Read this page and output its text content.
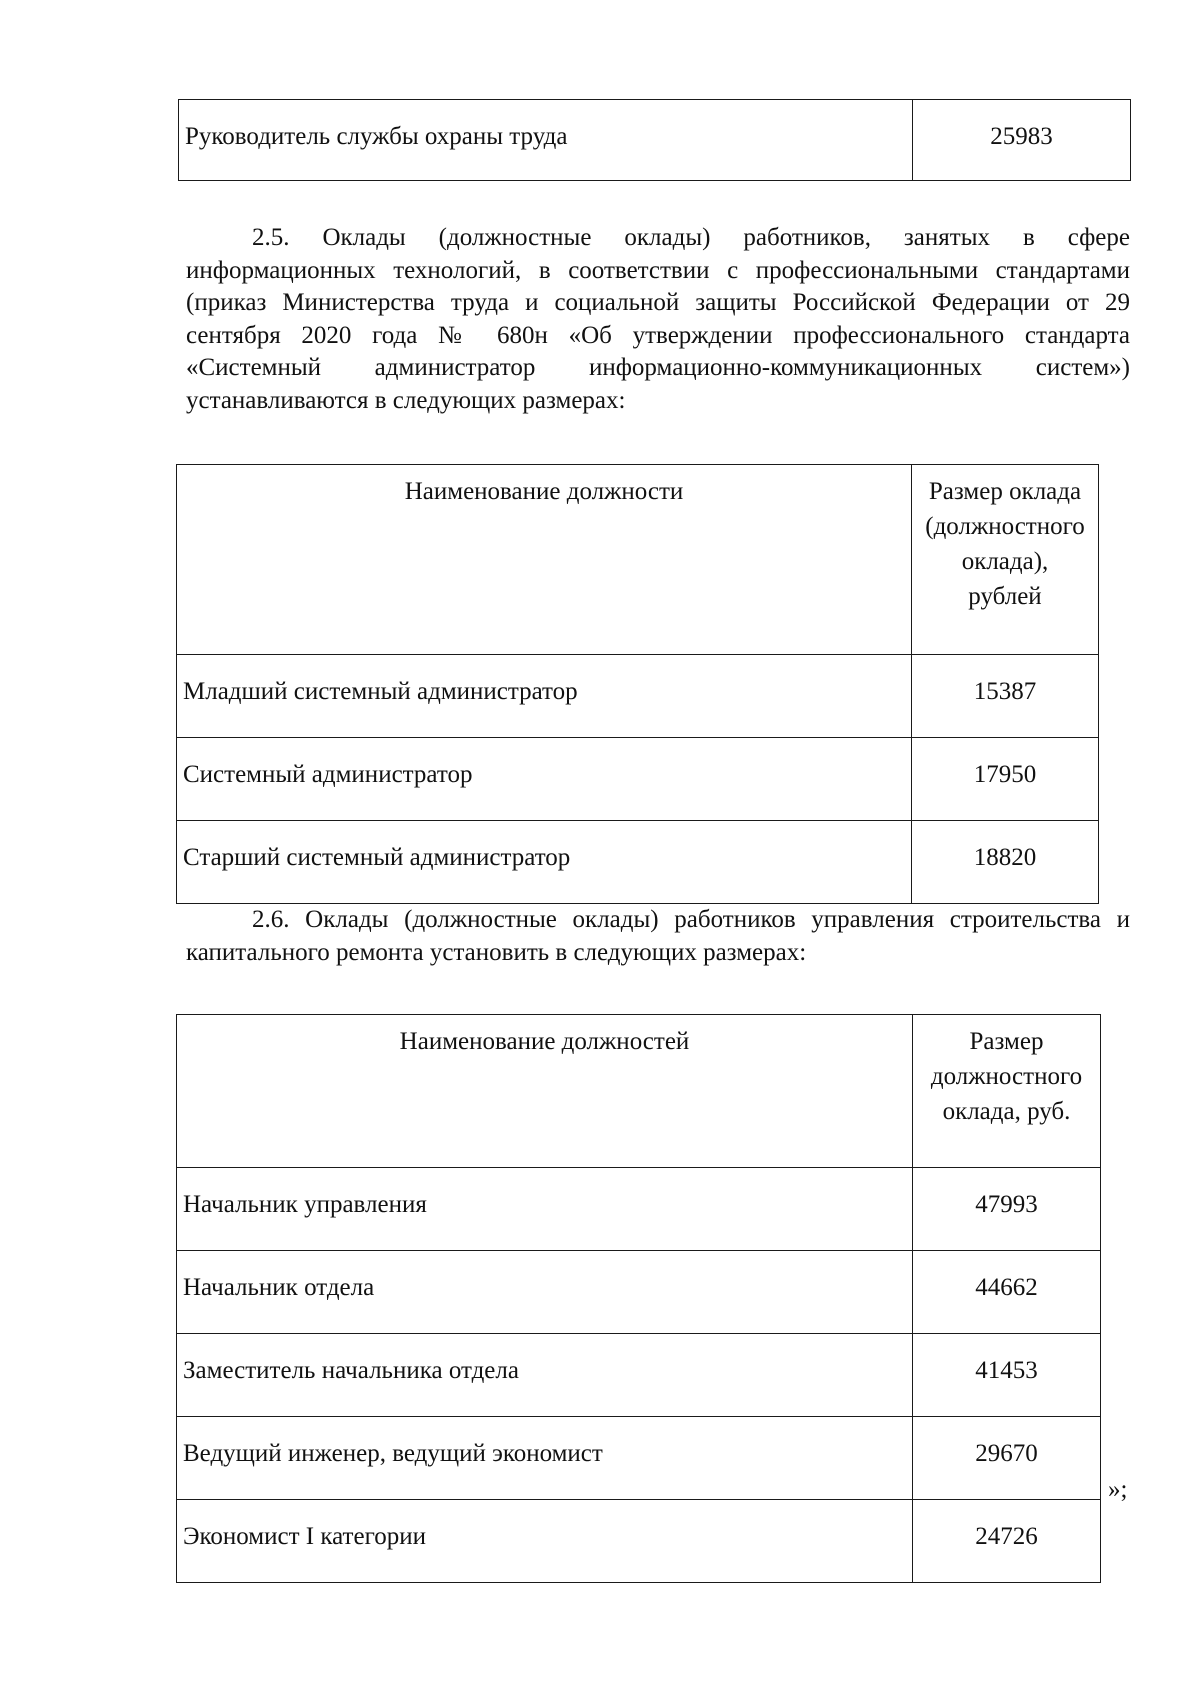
Руководитель службы охраны труда	25983

2.5. Оклады (должностные оклады) работников, занятых в сфере информационных технологий, в соответствии с профессиональными стандартами (приказ Министерства труда и социальной защиты Российской Федерации от 29 сентября 2020 года № 680н «Об утверждении профессионального стандарта «Системный администратор информационно-коммуникационных систем») устанавливаются в следующих размерах:

Наименование должности	Размер оклада
(должностного
оклада),
рублей

Младший системный администратор	15387
Системный администратор	17950
Старший системный администратор	18820

2.6. Оклады (должностные оклады) работников управления строительства и капитального ремонта установить в следующих размерах:

Наименование должностей	Размер
должностного
оклада, руб.

Начальник управления	47993
Начальник отдела	44662
Заместитель начальника отдела	41453
Ведущий инженер, ведущий экономист	29670
Экономист I категории	24726
»;
